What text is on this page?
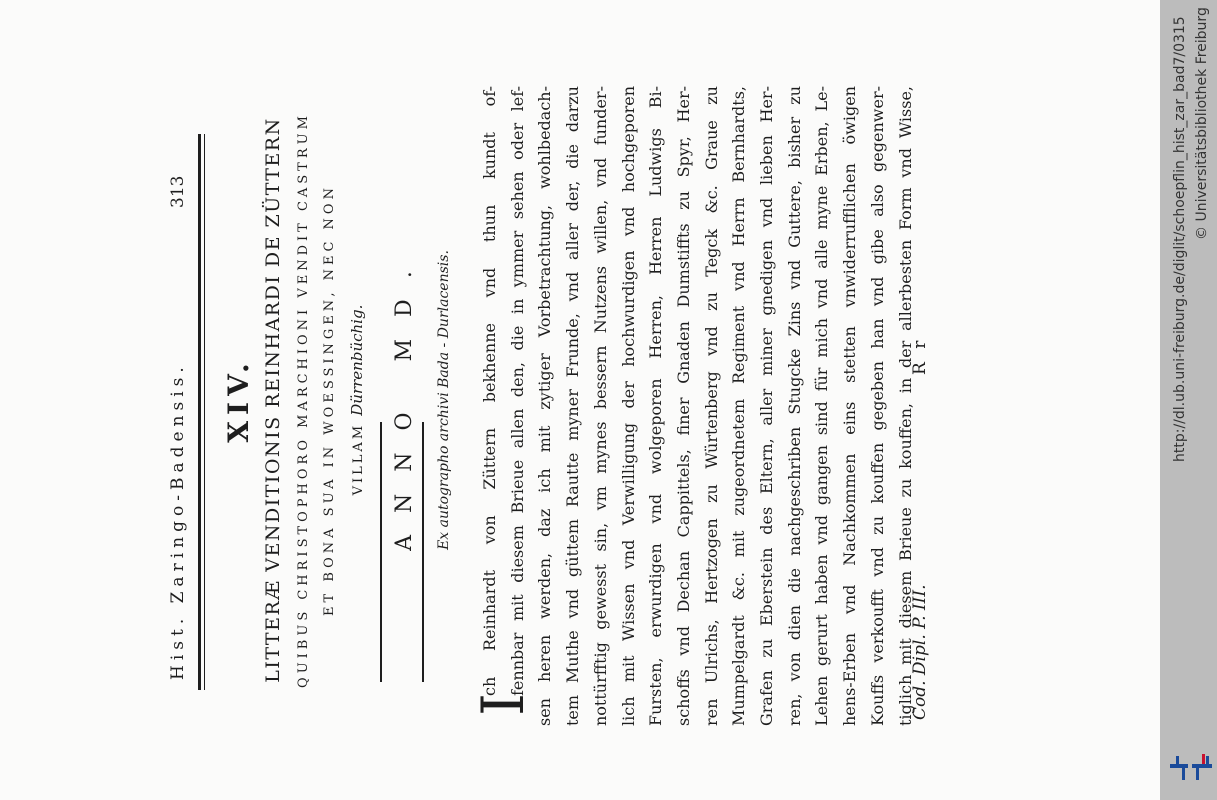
Hist. Zaringo-Badensis.
313
XIV. LITTERÆ VENDITIONIS REINHARDI DE ZÜTTERN QUIBUS CHRISTOPHORO MARCHIONI VENDIT CASTRUM ET BONA SUA IN WOESSINGEN, NEC NON VILLAM Dürrenbüchig. ANNO MD. Ex autographo archivi Bada - Durlacensis.
I
ch Reinhardt von Züttern bekhenne vnd thun kundt of- fennbar mit diesem Brieue allen den, die in ymmer sehen oder lef- sen heren werden, daz ich mit zytiger Vorbetrachtung, wohlbedach- tem Muthe vnd güttem Rautte myner Frunde, vnd aller der, die darzu nottürfftig gewesst sin, vm mynes bessern Nutzens willen, vnd funder- lich mit Wissen vnd Verwilligung der hochwurdigen vnd hochgeporen Fursten, erwurdigen vnd wolgeporen Herren, Herren Ludwigs Bi- schoffs vnd Dechan Cappittels, finer Gnaden Dumstiffts zu Spyr, Her- ren Ulrichs, Hertzogen zu Würtenberg vnd zu Tegck &c. Graue zu Mumpelgardt &c. mit zugeordnetem Regiment vnd Herrn Bernhardts, Grafen zu Eberstein des Eltern, aller miner gnedigen vnd lieben Her- ren, von dien die nachgeschriben Stugcke Zins vnd Guttere, bisher zu Lehen gerurt haben vnd gangen sind für mich vnd alle myne Erben, Le- hens-Erben vnd Nachkommen eins stetten vnwiderrufflichen öwigen Kouffs verkoufft vnd zu kouffen gegeben han vnd gibe also gegenwer- tiglich mit diesem Brieue zu kouffen, in der allerbesten Form vnd Wisse,
Cod. Dipl. P. III.
R r	http://dl.ub.uni-freiburg.de/diglit/schoepflin_hist_zar_bad7/0315 © Universitätsbibliothek Freiburg
